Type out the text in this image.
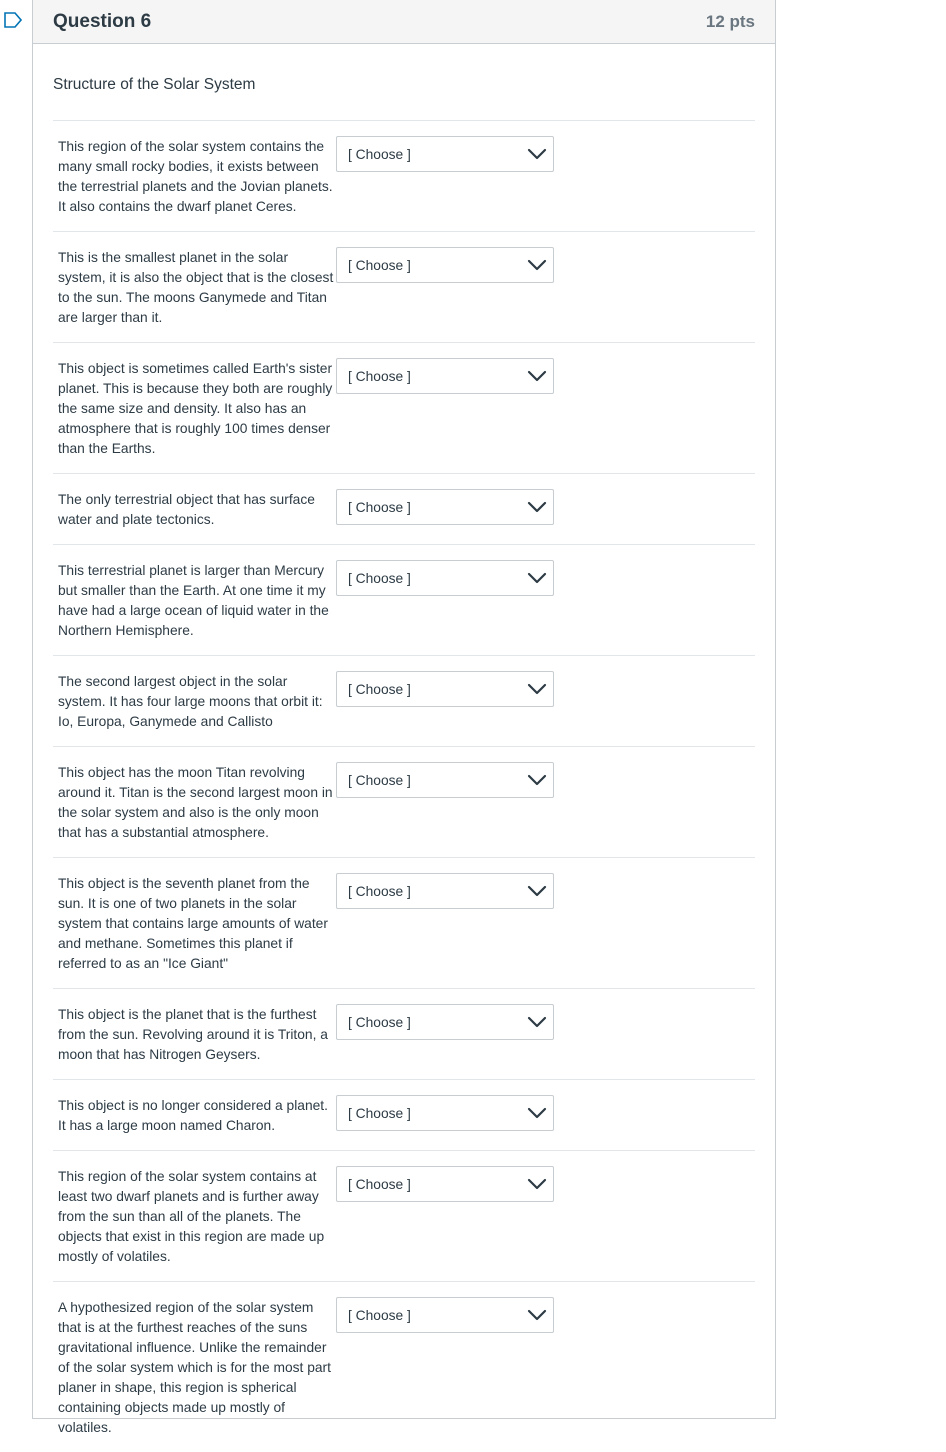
Question 6	12 pts
Structure of the Solar System
This region of the solar system contains the many small rocky bodies, it exists between the terrestrial planets and the Jovian planets. It also contains the dwarf planet Ceres.
[ Choose ]
This is the smallest planet in the solar system, it is also the object that is the closest to the sun. The moons Ganymede and Titan are larger than it.
[ Choose ]
This object is sometimes called Earth's sister planet. This is because they both are roughly the same size and density. It also has an atmosphere that is roughly 100 times denser than the Earths.
[ Choose ]
The only terrestrial object that has surface water and plate tectonics.
[ Choose ]
This terrestrial planet is larger than Mercury but smaller than the Earth. At one time it my have had a large ocean of liquid water in the Northern Hemisphere.
[ Choose ]
The second largest object in the solar system. It has four large moons that orbit it: Io, Europa, Ganymede and Callisto
[ Choose ]
This object has the moon Titan revolving around it. Titan is the second largest moon in the solar system and also is the only moon that has a substantial atmosphere.
[ Choose ]
This object is the seventh planet from the sun. It is one of two planets in the solar system that contains large amounts of water and methane. Sometimes this planet if referred to as an "Ice Giant"
[ Choose ]
This object is the planet that is the furthest from the sun. Revolving around it is Triton, a moon that has Nitrogen Geysers.
[ Choose ]
This object is no longer considered a planet. It has a large moon named Charon.
[ Choose ]
This region of the solar system contains at least two dwarf planets and is further away from the sun than all of the planets. The objects that exist in this region are made up mostly of volatiles.
[ Choose ]
A hypothesized region of the solar system that is at the furthest reaches of the suns gravitational influence. Unlike the remainder of the solar system which is for the most part planer in shape, this region is spherical containing objects made up mostly of volatiles.
[ Choose ]
